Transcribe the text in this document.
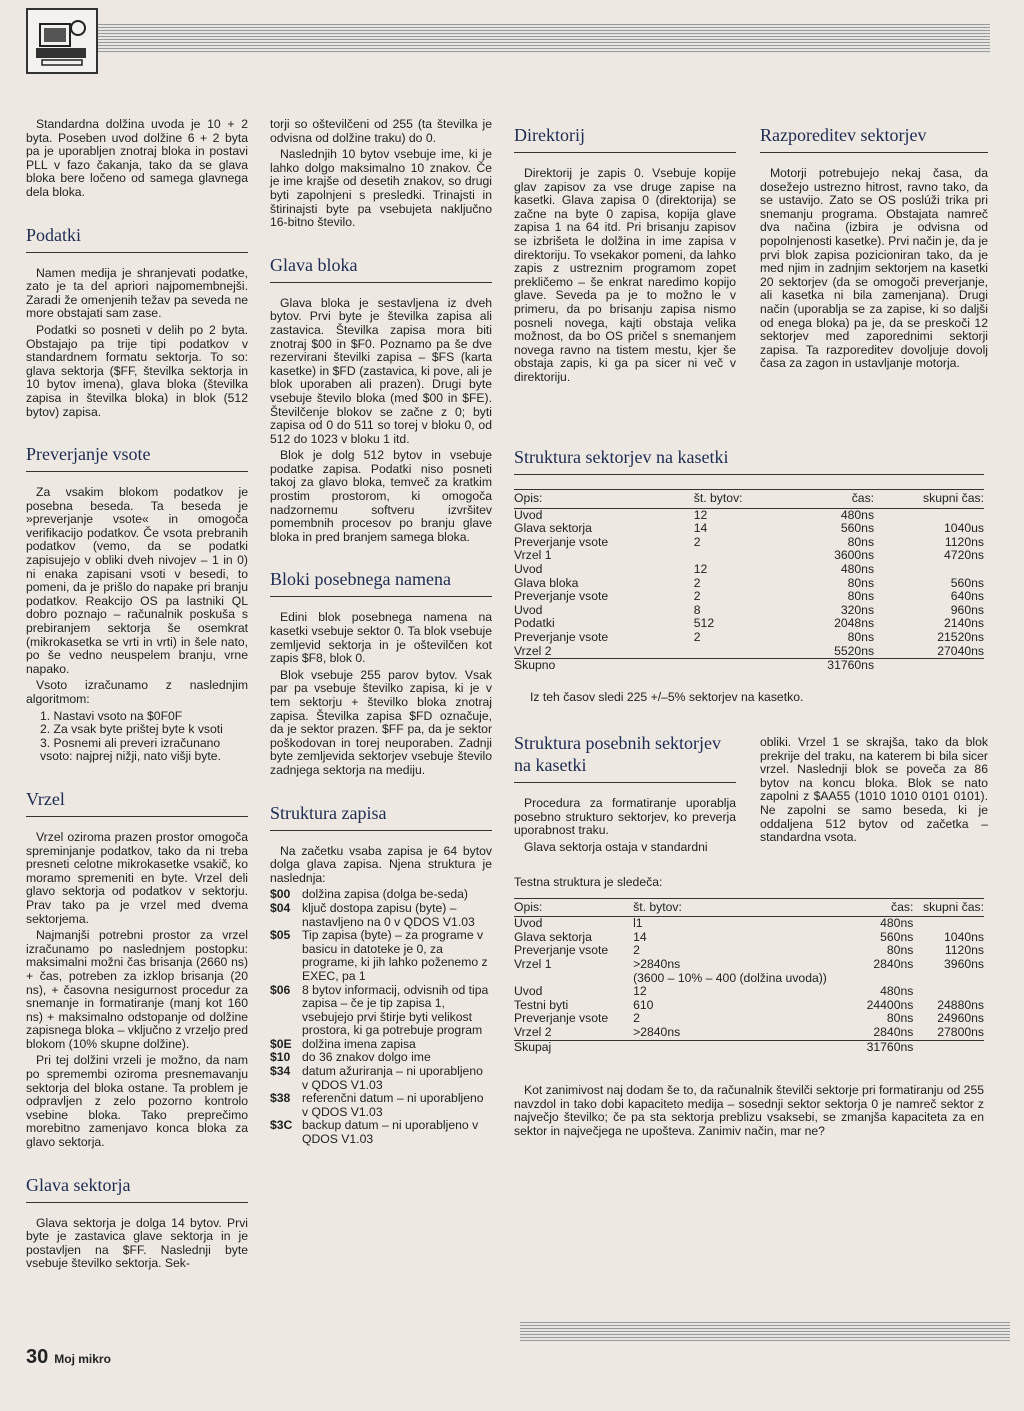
Standardna dolžina uvoda je 10 + 2 byta. Poseben uvod dolžine 6 + 2 byta pa je uporabljen znotraj bloka in postavi PLL v fazo čakanja, tako da se glava bloka bere ločeno od samega glavnega dela bloka.

Podatki

Namen medija je shranjevati podatke, zato je ta del apriori najpomembnejši. Zaradi že omenjenih težav pa seveda ne more obstajati sam zase.

Podatki so posneti v delih po 2 byta. Obstajajo pa trije tipi podatkov v standardnem formatu sektorja. To so: glava sektorja ($FF, številka sektorja in 10 bytov imena), glava bloka (številka zapisa in številka bloka) in blok (512 bytov) zapisa.

Preverjanje vsote

Za vsakim blokom podatkov je posebna beseda. Ta beseda je »preverjanje vsote« in omogoča verifikacijo podatkov. Če vsota prebranih podatkov (vemo, da se podatki zapisujejo v obliki dveh nivojev – 1 in 0) ni enaka zapisani vsoti v besedi, to pomeni, da je prišlo do napake pri branju podatkov. Reakcijo OS pa lastniki QL dobro poznajo – računalnik poskuša s prebiranjem sektorja še osemkrat (mikrokasetka se vrti in vrti) in šele nato, po še vedno neuspelem branju, vrne napako.

Vsoto izračunamo z naslednjim algoritmom:

1. Nastavi vsoto na $0F0F
2. Za vsak byte prištej byte k vsoti
3. Posnemi ali preveri izračunano vsoto: najprej nižji, nato višji byte.
Vrzel

Vrzel oziroma prazen prostor omogoča spreminjanje podatkov, tako da ni treba presneti celotne mikrokasetke vsakič, ko moramo spremeniti en byte. Vrzel deli glavo sektorja od podatkov v sektorju. Prav tako pa je vrzel med dvema sektorjema.

Najmanjši potrebni prostor za vrzel izračunamo po naslednjem postopku: maksimalni možni čas brisanja (2660 ns) + čas, potreben za izklop brisanja (20 ns), + časovna nesigurnost procedur za snemanje in formatiranje (manj kot 160 ns) + maksimalno odstopanje od dolžine zapisnega bloka – vključno z vrzeljo pred blokom (10% skupne dolžine).

Pri tej dolžini vrzeli je možno, da nam po spremembi oziroma presnemavanju sektorja del bloka ostane. Ta problem je odpravljen z zelo pozorno kontrolo vsebine bloka. Tako preprečimo morebitno zamenjavo konca bloka za glavo sektorja.

Glava sektorja

Glava sektorja je dolga 14 bytov. Prvi byte je zastavica glave sektorja in je postavljen na $FF. Naslednji byte vsebuje številko sektorja. Sek-

torji so oštevilčeni od 255 (ta številka je odvisna od dolžine traku) do 0.

Naslednjih 10 bytov vsebuje ime, ki je lahko dolgo maksimalno 10 znakov. Če je ime krajše od desetih znakov, so drugi byti zapolnjeni s presledki. Trinajsti in štirinajsti byte pa vsebujeta naključno 16-bitno število.

Glava bloka

Glava bloka je sestavljena iz dveh bytov. Prvi byte je številka zapisa ali zastavica. Številka zapisa mora biti znotraj $00 in $F0. Poznamo pa še dve rezervirani številki zapisa – $FS (karta kasetke) in $FD (zastavica, ki pove, ali je blok uporaben ali prazen). Drugi byte vsebuje število bloka (med $00 in $FE). Številčenje blokov se začne z 0; byti zapisa od 0 do 511 so torej v bloku 0, od 512 do 1023 v bloku 1 itd.

Blok je dolg 512 bytov in vsebuje podatke zapisa. Podatki niso posneti takoj za glavo bloka, temveč za kratkim prostim prostorom, ki omogoča nadzornemu softveru izvršitev pomembnih procesov po branju glave bloka in pred branjem samega bloka.

Bloki posebnega namena

Edini blok posebnega namena na kasetki vsebuje sektor 0. Ta blok vsebuje zemljevid sektorja in je oštevilčen kot zapis $F8, blok 0.

Blok vsebuje 255 parov bytov. Vsak par pa vsebuje številko zapisa, ki je v tem sektorju + številko bloka znotraj zapisa. Številka zapisa $FD označuje, da je sektor prazen. $FF pa, da je sektor poškodovan in torej neuporaben. Zadnji byte zemljevida sektorjev vsebuje število zadnjega sektorja na mediju.

Struktura zapisa

Na začetku vsaba zapisa je 64 bytov dolga glava zapisa. Njena struktura je naslednja:

$00 dolžina zapisa (dolga be-seda)
$04 ključ dostopa zapisu (byte) – nastavljeno na 0 v QDOS V1.03
$05 Tip zapisa (byte) – za programe v basicu in datoteke je 0, za programe, ki jih lahko poženemo z EXEC, pa 1
$06 8 bytov informacij, odvisnih od tipa zapisa – če je tip zapisa 1, vsebujejo prvi štirje byti velikost prostora, ki ga potrebuje program
$0E dolžina imena zapisa
$10 do 36 znakov dolgo ime
$34 datum ažuriranja – ni uporabljeno v QDOS V1.03
$38 referenčni datum – ni uporabljeno v QDOS V1.03
$3C backup datum – ni uporabljeno v QDOS V1.03
Direktorij

Direktorij je zapis 0. Vsebuje kopije glav zapisov za vse druge zapise na kasetki. Glava zapisa 0 (direktorija) se začne na byte 0 zapisa, kopija glave zapisa 1 na 64 itd. Pri brisanju zapisov se izbrišeta le dolžina in ime zapisa v direktoriju. To vsekakor pomeni, da lahko zapis z ustreznim programom zopet prekličemo – še enkrat naredimo kopijo glave. Seveda pa je to možno le v primeru, da po brisanju zapisa nismo posneli novega, kajti obstaja velika možnost, da bo OS pričel s snemanjem novega ravno na tistem mestu, kjer še obstaja zapis, ki ga pa sicer ni več v direktoriju.

Razporeditev sektorjev

Motorji potrebujejo nekaj časa, da dosežejo ustrezno hitrost, ravno tako, da se ustavijo. Zato se OS poslúži trika pri snemanju programa. Obstajata namreč dva načina (izbira je odvisna od popolnjenosti kasetke). Prvi način je, da je prvi blok zapisa pozicioniran tako, da je med njim in zadnjim sektorjem na kasetki 20 sektorjev (da se omogoči preverjanje, ali kasetka ni bila zamenjana). Drugi način (uporablja se za zapise, ki so daljši od enega bloka) pa je, da se preskoči 12 sektorjev med zaporednimi sektorji zapisa. Ta razporeditev dovoljuje dovolj časa za zagon in ustavljanje motorja.

Struktura sektorjev na kasetki
Opis:	št. bytov:	čas:	skupni čas:
Uvod	12	480ns	
Glava sektorja	14	560ns	1040us
Preverjanje vsote	2	80ns	1120ns
Vrzel 1		3600ns	4720ns
Uvod	12	480ns	
Glava bloka	2	80ns	560ns
Preverjanje vsote	2	80ns	640ns
Uvod	8	320ns	960ns
Podatki	512	2048ns	2140ns
Preverjanje vsote	2	80ns	21520ns
Vrzel 2		5520ns	27040ns
Skupno		31760ns	
Iz teh časov sledi 225 +/–5% sektorjev na kasetko.
Struktura posebnih sektorjev na kasetki

Procedura za formatiranje uporablja posebno strukturo sektorjev, ko preverja uporabnost traku.

Glava sektorja ostaja v standardni

obliki. Vrzel 1 se skrajša, tako da blok prekrije del traku, na katerem bi bila sicer vrzel. Naslednji blok se poveča za 86 bytov na koncu bloka. Blok se nato zapolni z $AA55 (1010 1010 0101 0101). Ne zapolni se samo beseda, ki je oddaljena 512 bytov od začetka – standardna vsota.

Testna struktura je sledeča:

Opis:	št. bytov:	čas:	skupni čas:
Uvod	l1	480ns	
Glava sektorja	14	560ns	1040ns
Preverjanje vsote	2	80ns	1120ns
Vrzel 1	>2840ns	2840ns	3960ns
	(3600 – 10% – 400 (dolžina uvoda))		
Uvod	12	480ns	
Testni byti	610	24400ns	24880ns
Preverjanje vsote	2	80ns	24960ns
Vrzel 2	>2840ns	2840ns	27800ns
Skupaj		31760ns	

Kot zanimivost naj dodam še to, da računalnik številči sektorje pri formatiranju od 255 navzdol in tako dobi kapaciteto medija – sosednji sektor sektorja 0 je namreč sektor z največjo številko; če pa sta sektorja preblizu vsaksebi, se zmanjša kapaciteta za en sektor in največjega ne upošteva. Zanimiv način, mar ne?

30 Moj mikro
